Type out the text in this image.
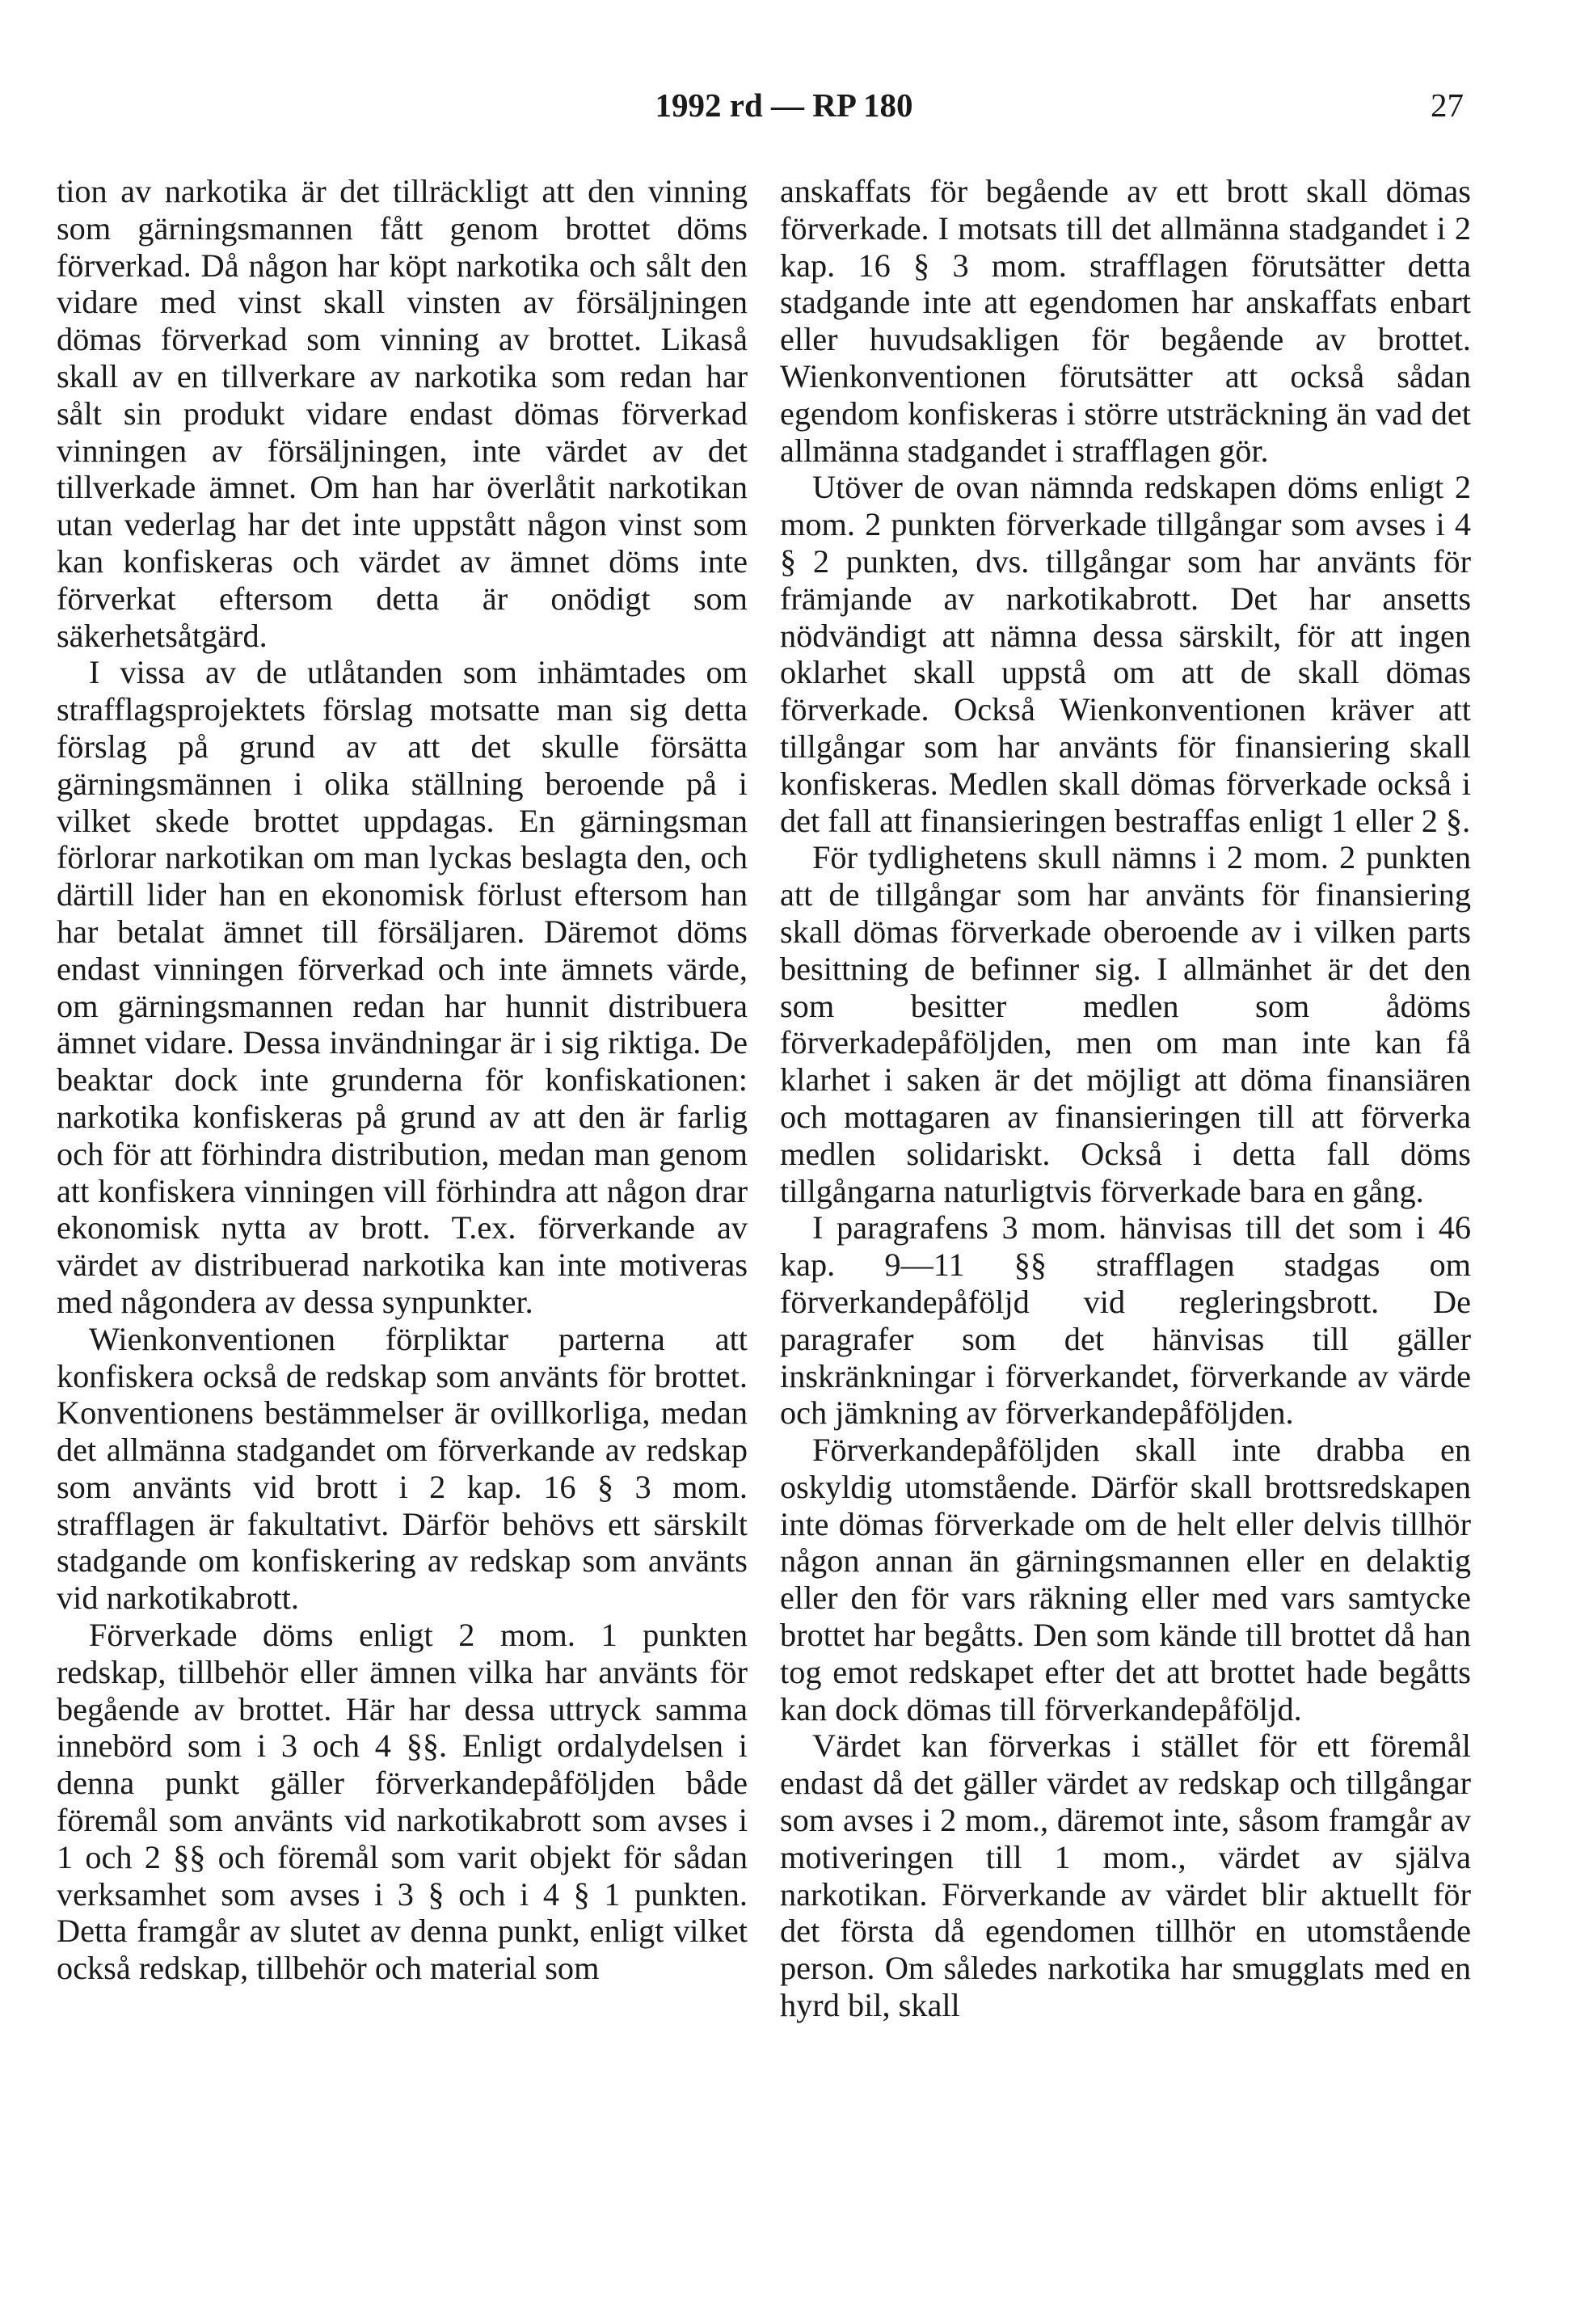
1992 rd — RP 180	27

tion av narkotika är det tillräckligt att den vinning som gärningsmannen fått genom brottet döms förverkad. Då någon har köpt narkotika och sålt den vidare med vinst skall vinsten av försäljningen dömas förverkad som vinning av brottet. Likaså skall av en tillverkare av narkotika som redan har sålt sin produkt vidare endast dömas förverkad vinningen av försäljningen, inte värdet av det tillverkade ämnet. Om han har överlåtit narkotikan utan vederlag har det inte uppstått någon vinst som kan konfiskeras och värdet av ämnet döms inte förverkat eftersom detta är onödigt som säkerhetsåtgärd.

I vissa av de utlåtanden som inhämtades om strafflagsprojektets förslag motsatte man sig detta förslag på grund av att det skulle försätta gärningsmännen i olika ställning beroende på i vilket skede brottet uppdagas. En gärningsman förlorar narkotikan om man lyckas beslagta den, och därtill lider han en ekonomisk förlust eftersom han har betalat ämnet till försäljaren. Däremot döms endast vinningen förverkad och inte ämnets värde, om gärningsmannen redan har hunnit distribuera ämnet vidare. Dessa invändningar är i sig riktiga. De beaktar dock inte grunderna för konfiskationen: narkotika konfiskeras på grund av att den är farlig och för att förhindra distribution, medan man genom att konfiskera vinningen vill förhindra att någon drar ekonomisk nytta av brott. T.ex. förverkande av värdet av distribuerad narkotika kan inte motiveras med någondera av dessa synpunkter.

Wienkonventionen förpliktar parterna att konfiskera också de redskap som använts för brottet. Konventionens bestämmelser är ovillkorliga, medan det allmänna stadgandet om förverkande av redskap som använts vid brott i 2 kap. 16 § 3 mom. strafflagen är fakultativt. Därför behövs ett särskilt stadgande om konfiskering av redskap som använts vid narkotikabrott.

Förverkade döms enligt 2 mom. 1 punkten redskap, tillbehör eller ämnen vilka har använts för begående av brottet. Här har dessa uttryck samma innebörd som i 3 och 4 §§. Enligt ordalydelsen i denna punkt gäller förverkandepåföljden både föremål som använts vid narkotikabrott som avses i 1 och 2 §§ och föremål som varit objekt för sådan verksamhet som avses i 3 § och i 4 § 1 punkten. Detta framgår av slutet av denna punkt, enligt vilket också redskap, tillbehör och material som

anskaffats för begående av ett brott skall dömas förverkade. I motsats till det allmänna stadgandet i 2 kap. 16 § 3 mom. strafflagen förutsätter detta stadgande inte att egendomen har anskaffats enbart eller huvudsakligen för begående av brottet. Wienkonventionen förutsätter att också sådan egendom konfiskeras i större utsträckning än vad det allmänna stadgandet i strafflagen gör.

Utöver de ovan nämnda redskapen döms enligt 2 mom. 2 punkten förverkade tillgångar som avses i 4 § 2 punkten, dvs. tillgångar som har använts för främjande av narkotikabrott. Det har ansetts nödvändigt att nämna dessa särskilt, för att ingen oklarhet skall uppstå om att de skall dömas förverkade. Också Wienkonventionen kräver att tillgångar som har använts för finansiering skall konfiskeras. Medlen skall dömas förverkade också i det fall att finansieringen bestraffas enligt 1 eller 2 §.

För tydlighetens skull nämns i 2 mom. 2 punkten att de tillgångar som har använts för finansiering skall dömas förverkade oberoende av i vilken parts besittning de befinner sig. I allmänhet är det den som besitter medlen som ådöms förverkadepåföljden, men om man inte kan få klarhet i saken är det möjligt att döma finansiären och mottagaren av finansieringen till att förverka medlen solidariskt. Också i detta fall döms tillgångarna naturligtvis förverkade bara en gång.

I paragrafens 3 mom. hänvisas till det som i 46 kap. 9—11 §§ strafflagen stadgas om förverkandepåföljd vid regleringsbrott. De paragrafer som det hänvisas till gäller inskränkningar i förverkandet, förverkande av värde och jämkning av förverkandepåföljden.

Förverkandepåföljden skall inte drabba en oskyldig utomstående. Därför skall brottsredskapen inte dömas förverkade om de helt eller delvis tillhör någon annan än gärningsmannen eller en delaktig eller den för vars räkning eller med vars samtycke brottet har begåtts. Den som kände till brottet då han tog emot redskapet efter det att brottet hade begåtts kan dock dömas till förverkandepåföljd.

Värdet kan förverkas i stället för ett föremål endast då det gäller värdet av redskap och tillgångar som avses i 2 mom., däremot inte, såsom framgår av motiveringen till 1 mom., värdet av själva narkotikan. Förverkande av värdet blir aktuellt för det första då egendomen tillhör en utomstående person. Om således narkotika har smugglats med en hyrd bil, skall
